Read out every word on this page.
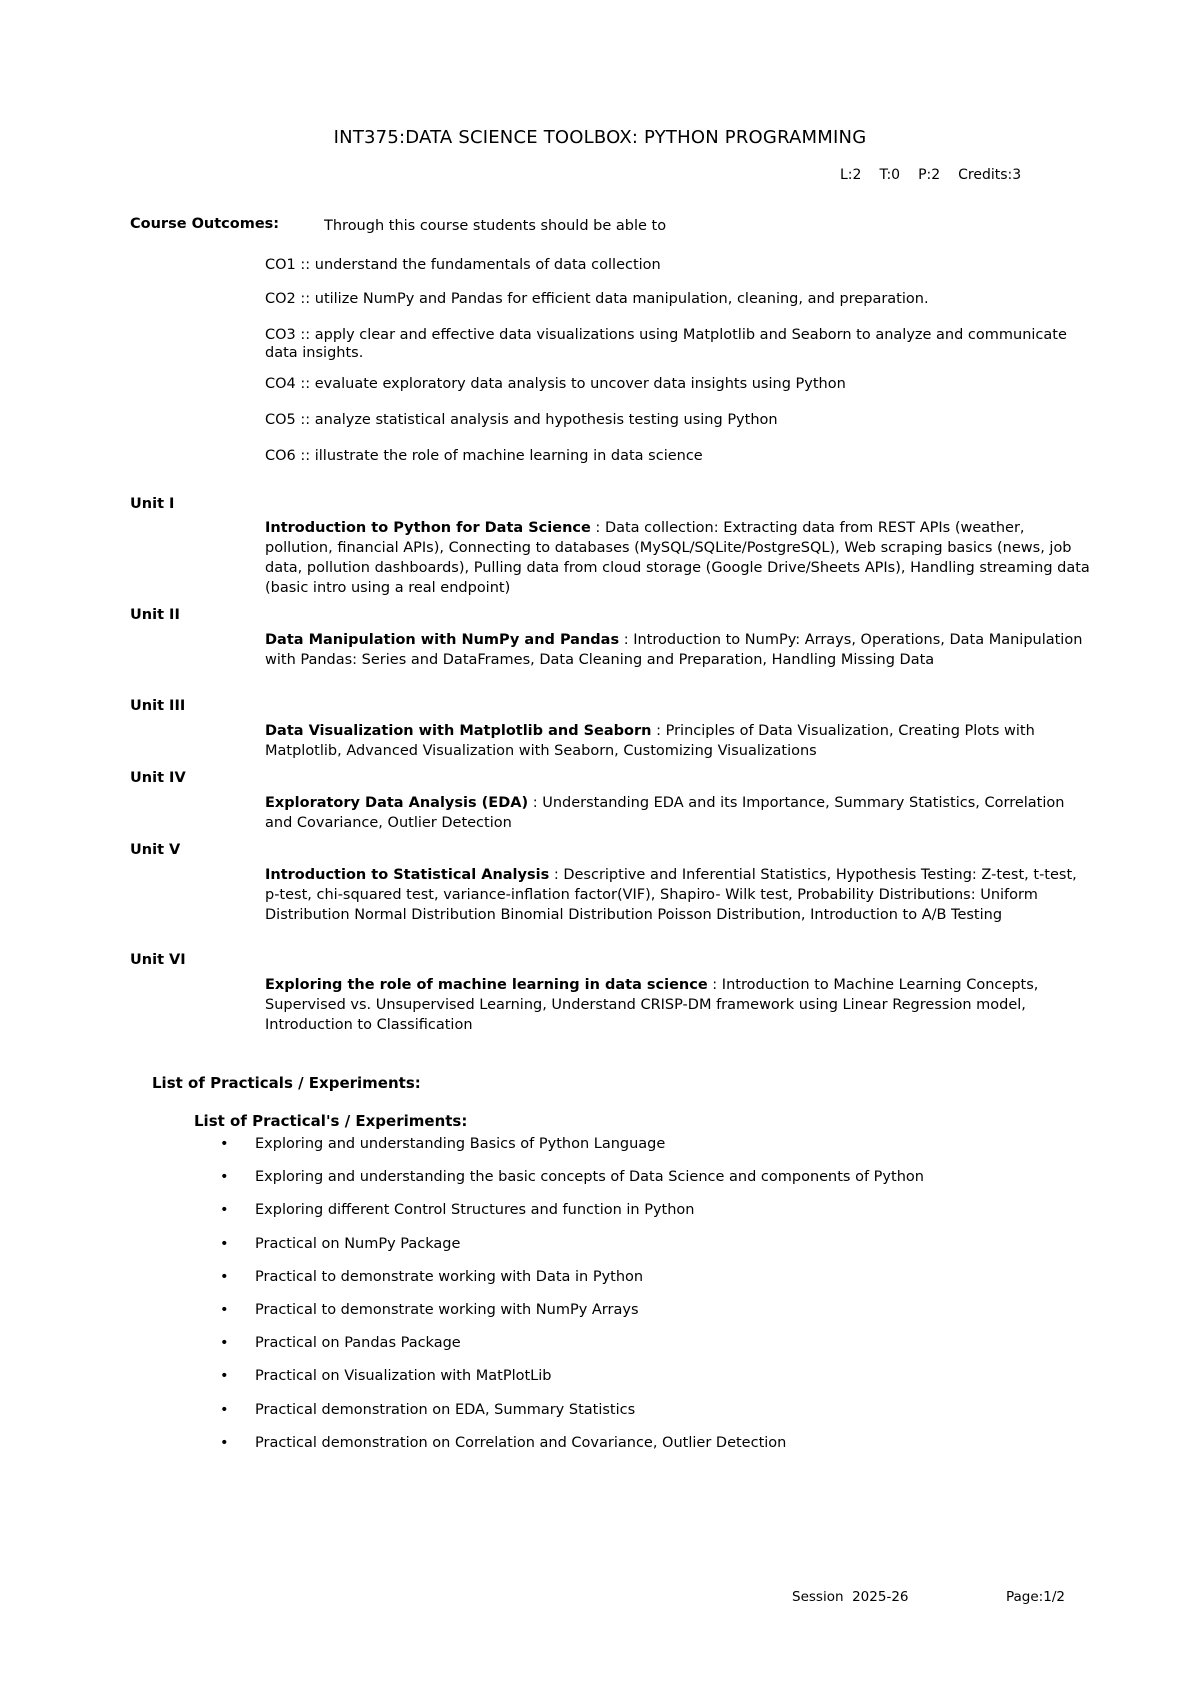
INT375:DATA SCIENCE TOOLBOX: PYTHON PROGRAMMING
L:2 T:0 P:2 Credits:3
Course Outcomes:	Through this course students should be able to
CO1 :: understand the fundamentals of data collection
CO2 :: utilize NumPy and Pandas for efficient data manipulation, cleaning, and preparation.
CO3 :: apply clear and effective data visualizations using Matplotlib and Seaborn to analyze and communicate data insights.
CO4 :: evaluate exploratory data analysis to uncover data insights using Python
CO5 :: analyze statistical analysis and hypothesis testing using Python
CO6 :: illustrate the role of machine learning in data science
Unit I
Introduction to Python for Data Science : Data collection: Extracting data from REST APIs (weather, pollution, financial APIs), Connecting to databases (MySQL/SQLite/PostgreSQL), Web scraping basics (news, job data, pollution dashboards), Pulling data from cloud storage (Google Drive/Sheets APIs), Handling streaming data (basic intro using a real endpoint)
Unit II
Data Manipulation with NumPy and Pandas : Introduction to NumPy: Arrays, Operations, Data Manipulation with Pandas: Series and DataFrames, Data Cleaning and Preparation, Handling Missing Data
Unit III
Data Visualization with Matplotlib and Seaborn : Principles of Data Visualization, Creating Plots with Matplotlib, Advanced Visualization with Seaborn, Customizing Visualizations
Unit IV
Exploratory Data Analysis (EDA) : Understanding EDA and its Importance, Summary Statistics, Correlation and Covariance, Outlier Detection
Unit V
Introduction to Statistical Analysis : Descriptive and Inferential Statistics, Hypothesis Testing: Z-test, t-test, p-test, chi-squared test, variance-inflation factor(VIF), Shapiro- Wilk test, Probability Distributions: Uniform Distribution Normal Distribution Binomial Distribution Poisson Distribution, Introduction to A/B Testing
Unit VI
Exploring the role of machine learning in data science : Introduction to Machine Learning Concepts, Supervised vs. Unsupervised Learning, Understand CRISP-DM framework using Linear Regression model, Introduction to Classification
List of Practicals / Experiments:
List of Practical's / Experiments:
• Exploring and understanding Basics of Python Language
• Exploring and understanding the basic concepts of Data Science and components of Python
• Exploring different Control Structures and function in Python
• Practical on NumPy Package
• Practical to demonstrate working with Data in Python
• Practical to demonstrate working with NumPy Arrays
• Practical on Pandas Package
• Practical on Visualization with MatPlotLib
• Practical demonstration on EDA, Summary Statistics
• Practical demonstration on Correlation and Covariance, Outlier Detection
Session  2025-26	Page:1/2
